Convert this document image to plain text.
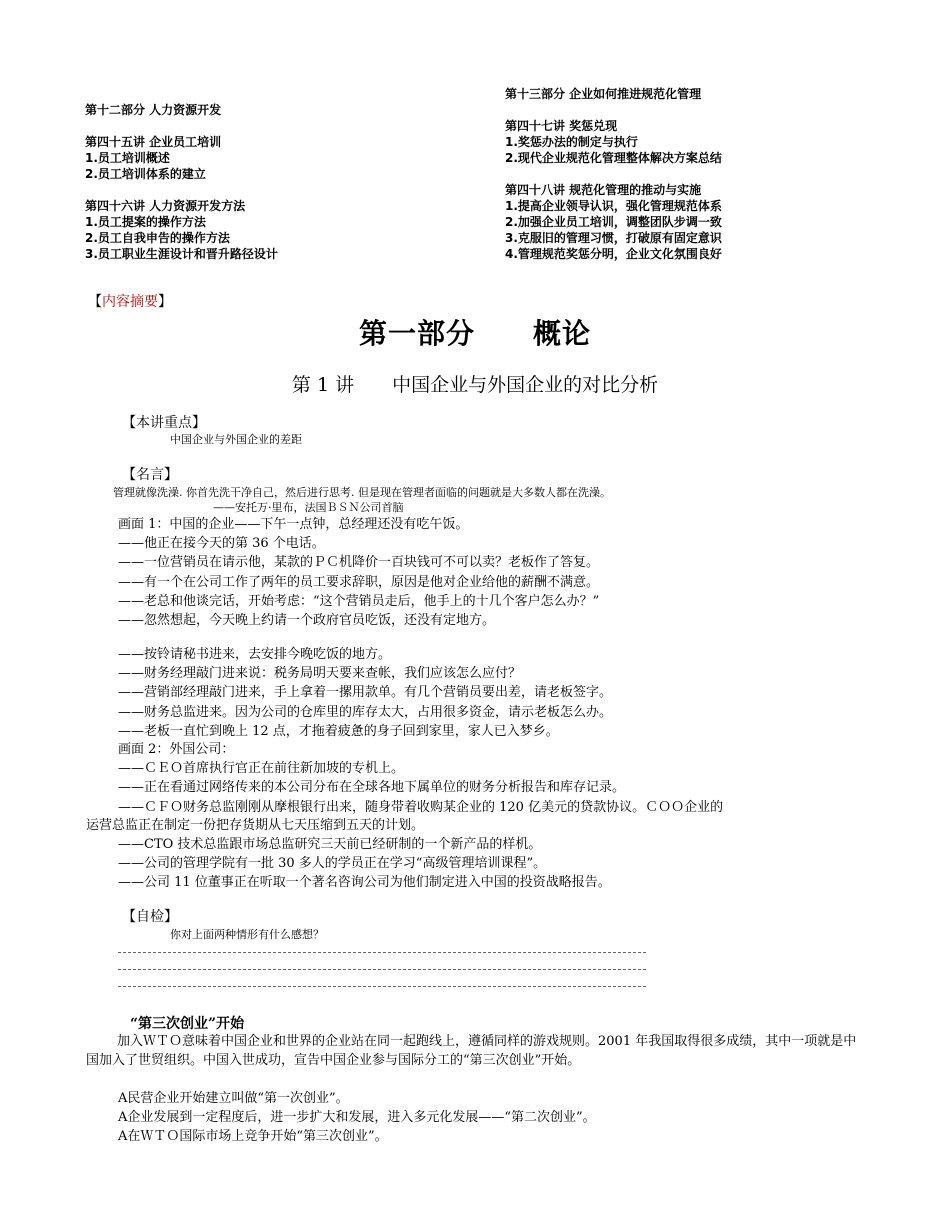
第十二部分 人力资源开发
第四十五讲 企业员工培训
1.员工培训概述
2.员工培训体系的建立
第四十六讲 人力资源开发方法
1.员工提案的操作方法
2.员工自我申告的操作方法
3.员工职业生涯设计和晋升路径设计
第十三部分 企业如何推进规范化管理
第四十七讲 奖惩兑现
1.奖惩办法的制定与执行
2.现代企业规范化管理整体解决方案总结
第四十八讲 规范化管理的推动与实施
1.提高企业领导认识，强化管理规范体系
2.加强企业员工培训，调整团队步调一致
3.克服旧的管理习惯，打破原有固定意识
4.管理规范奖惩分明，企业文化氛围良好
【内容摘要】
第一部分　　概论
第 1 讲　　中国企业与外国企业的对比分析
【本讲重点】
中国企业与外国企业的差距
【名言】
管理就像洗澡. 你首先洗干净自己，然后进行思考. 但是现在管理者面临的问题就是大多数人都在洗澡。
——安托万·里布，法国ＢＳＮ公司首脑
画面 1：中国的企业——下午一点钟，总经理还没有吃午饭。
——他正在接今天的第 36 个电话。
——一位营销员在请示他，某款的ＰＣ机降价一百块钱可不可以卖？老板作了答复。
——有一个在公司工作了两年的员工要求辞职，原因是他对企业给他的薪酬不满意。
——老总和他谈完话，开始考虑：“这个营销员走后，他手上的十几个客户怎么办？”
——忽然想起，今天晚上约请一个政府官员吃饭，还没有定地方。
——按铃请秘书进来，去安排今晚吃饭的地方。
——财务经理敲门进来说：税务局明天要来查帐，我们应该怎么应付？
——营销部经理敲门进来，手上拿着一摞用款单。有几个营销员要出差，请老板签字。
——财务总监进来。因为公司的仓库里的库存太大，占用很多资金，请示老板怎么办。
——老板一直忙到晚上 12 点，才拖着疲惫的身子回到家里，家人已入梦乡。
画面 2：外国公司：
——ＣＥＯ首席执行官正在前往新加坡的专机上。
——正在看通过网络传来的本公司分布在全球各地下属单位的财务分析报告和库存记录。
——ＣＦＯ财务总监刚刚从摩根银行出来，随身带着收购某企业的 120 亿美元的贷款协议。ＣＯＯ企业的
运营总监正在制定一份把存货期从七天压缩到五天的计划。
——CTO 技术总监跟市场总监研究三天前已经研制的一个新产品的样机。
——公司的管理学院有一批 30 多人的学员正在学习“高级管理培训课程”。
——公司 11 位董事正在听取一个著名咨询公司为他们制定进入中国的投资战略报告。
【自检】
你对上面两种情形有什么感想？
“第三次创业”开始
加入ＷＴＯ意味着中国企业和世界的企业站在同一起跑线上，遵循同样的游戏规则。2001 年我国取得很多成绩，其中一项就是中国加入了世贸组织。中国入世成功，宣告中国企业参与国际分工的“第三次创业”开始。
A民营企业开始建立叫做“第一次创业”。
A企业发展到一定程度后，进一步扩大和发展，进入多元化发展——“第二次创业”。
A在ＷＴＯ国际市场上竞争开始“第三次创业”。
